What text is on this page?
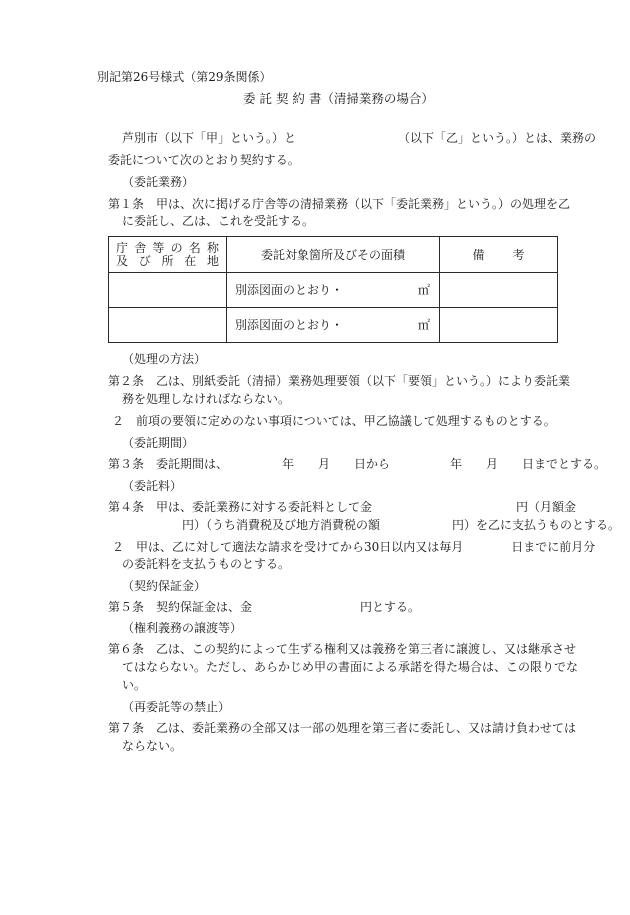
別記第26号様式（第29条関係）
委 託 契 約 書（清掃業務の場合）
芦別市（以下「甲」という。）と　　　　　　　　　（以下「乙」という。）とは、業務の
委託について次のとおり契約する。
（委託業務）
第１条　甲は、次に掲げる庁舎等の清掃業務（以下「委託業務」という。）の処理を乙
に委託し、乙は、これを受託する。
庁 舎 等 の 名 称
及 び 所 在 地	委託対象箇所及びその面積	備考
	別添図面のとおり・ ㎡	

	別添図面のとおり・ ㎡	

（処理の方法）
第２条　乙は、別紙委託（清掃）業務処理要領（以下「要領」という。）により委託業
務を処理しなければならない。
２　前項の要領に定めのない事項については、甲乙協議して処理するものとする。
（委託期間）
第３条　委託期間は、　　　　　年　　月　　日から　　　　　年　　月　　日までとする。
（委託料）
第４条　甲は、委託業務に対する委託料として金　　　　　　　　　　　　円（月額金
　　　　　円）（うち消費税及び地方消費税の額　　　　　　円）を乙に支払うものとする。
２　甲は、乙に対して適法な請求を受けてから30日以内又は毎月　　　　日までに前月分
の委託料を支払うものとする。
（契約保証金）
第５条　契約保証金は、金　　　　　　　　　円とする。
（権利義務の譲渡等）
第６条　乙は、この契約によって生ずる権利又は義務を第三者に譲渡し、又は継承させ
てはならない。ただし、あらかじめ甲の書面による承諾を得た場合は、この限りでな
い。
（再委託等の禁止）
第７条　乙は、委託業務の全部又は一部の処理を第三者に委託し、又は請け負わせては
ならない。
